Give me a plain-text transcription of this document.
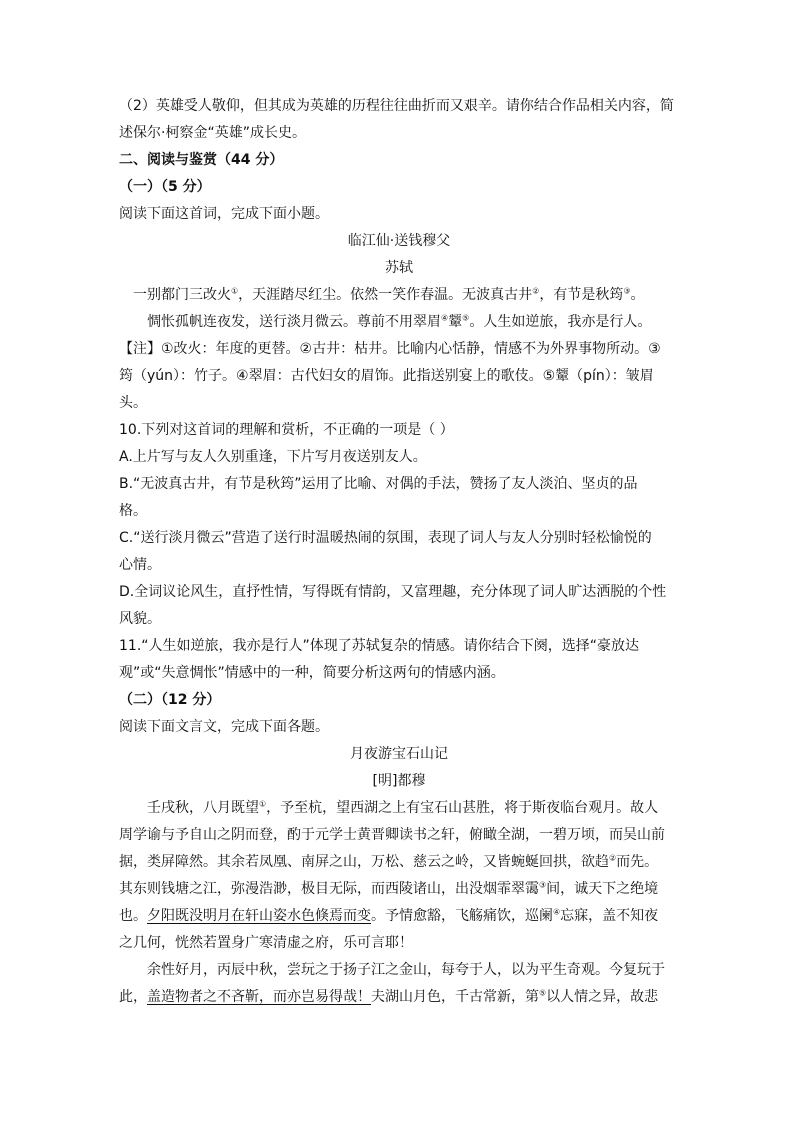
（2）英雄受人敬仰，但其成为英雄的历程往往曲折而又艰辛。请你结合作品相关内容，简
述保尔·柯察金“英雄”成长史。
二、阅读与鉴赏（44 分）
（一）（5 分）
阅读下面这首词，完成下面小题。
临江仙·送钱穆父
苏轼
一别都门三改火①，天涯踏尽红尘。依然一笑作春温。无波真古井②，有节是秋筠③。
惆怅孤帆连夜发，送行淡月微云。尊前不用翠眉④颦⑤。人生如逆旅，我亦是行人。
【注】①改火：年度的更替。②古井：枯井。比喻内心恬静，情感不为外界事物所动。③
筠（yún）：竹子。④翠眉：古代妇女的眉饰。此指送别宴上的歌伎。⑤颦（pín）：皱眉
头。
10.下列对这首词的理解和赏析，不正确的一项是（ ）
A.上片写与友人久别重逢，下片写月夜送别友人。
B.“无波真古井，有节是秋筠”运用了比喻、对偶的手法，赞扬了友人淡泊、坚贞的品
格。
C.“送行淡月微云”营造了送行时温暖热闹的氛围，表现了词人与友人分别时轻松愉悦的
心情。
D.全词议论风生，直抒性情，写得既有情韵，又富理趣，充分体现了词人旷达洒脱的个性
风貌。
11.“人生如逆旅，我亦是行人”体现了苏轼复杂的情感。请你结合下阕，选择“豪放达
观”或“失意惆怅”情感中的一种，简要分析这两句的情感内涵。
（二）（12 分）
阅读下面文言文，完成下面各题。
月夜游宝石山记
[明]都穆
壬戌秋，八月既望①，予至杭，望西湖之上有宝石山甚胜，将于斯夜临台观月。故人
周学谕与予自山之阴而登，酌于元学士黄晋卿读书之轩，俯瞰全湖，一碧万顷，而吴山前
据，类屏障然。其余若凤凰、南屏之山，万松、慈云之岭，又皆蜿蜒回拱，欲趋②而先。
其东则钱塘之江，弥漫浩渺，极目无际，而西陵诸山，出没烟霏翠霭③间，诚天下之绝境
也。夕阳既没明月在轩山姿水色倏焉而变。予情愈豁，飞觞痛饮，巡阑④忘寐，盖不知夜
之几何，恍然若置身广寒清虚之府，乐可言耶！
余性好月，丙辰中秋，尝玩之于扬子江之金山，每夸于人，以为平生奇观。今复玩于
此，盖造物者之不吝靳，而亦岂易得哉！夫湖山月色，千古常新，第⑤以人情之异，故悲
